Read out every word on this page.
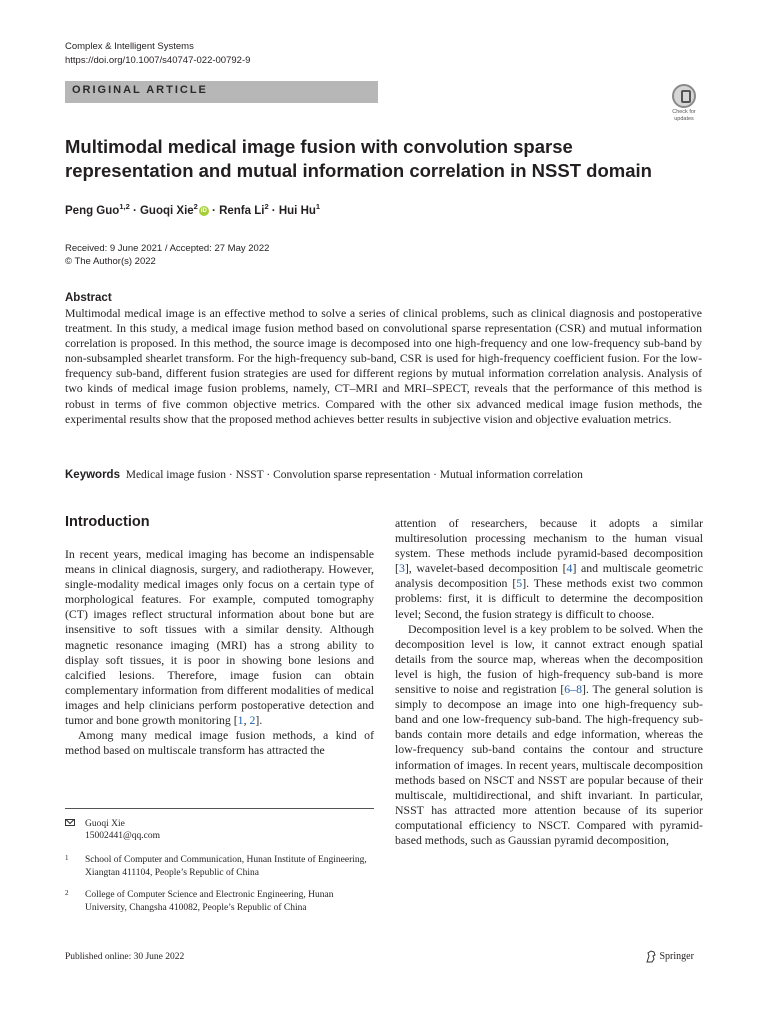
Complex & Intelligent Systems
https://doi.org/10.1007/s40747-022-00792-9
ORIGINAL ARTICLE
Check for
updates
Multimodal medical image fusion with convolution sparse representation and mutual information correlation in NSST domain
Peng Guo$^{1,2}$ · Guoqi Xie$^2$ iD · Renfa $Li^2$ · Hui Hu$^1$
Received: 9 June 2021 / Accepted: 27 May 2022
© The Author(s) 2022
Abstract
Multimodal medical image is an effective method to solve a series of clinical problems, such as clinical diagnosis and postoperative treatment. In this study, a medical image fusion method based on convolutional sparse representation (CSR) and mutual information correlation is proposed. In this method, the source image is decomposed into one high-frequency and one low-frequency sub-band by non-subsampled shearlet transform. For the high-frequency sub-band, CSR is used for high-frequency coefficient fusion. For the low-frequency sub-band, different fusion strategies are used for different regions by mutual information correlation analysis. Analysis of two kinds of medical image fusion problems, namely, CT–MRI and MRI–SPECT, reveals that the performance of this method is robust in terms of five common objective metrics. Compared with the other six advanced medical image fusion methods, the experimental results show that the proposed method achieves better results in subjective vision and objective evaluation metrics.
Keywords Medical image fusion · NSST · Convolution sparse representation · Mutual information correlation
Introduction

In recent years, medical imaging has become an indispensable means in clinical diagnosis, surgery, and radiotherapy. However, single-modality medical images only focus on a certain type of morphological features. For example, computed tomography (CT) images reflect structural information about bone but are insensitive to soft tissues with a similar density. Although magnetic resonance imaging (MRI) has a strong ability to display soft tissues, it is poor in showing bone lesions and calcified lesions. Therefore, image fusion can obtain complementary information from different modalities of medical images and help clinicians perform postoperative detection and tumor and bone growth monitoring [1, 2].

Among many medical image fusion methods, a kind of method based on multiscale transform has attracted the

attention of researchers, because it adopts a similar multiresolution processing mechanism to the human visual system. These methods include pyramid-based decomposition [3], wavelet-based decomposition [4] and multiscale geometric analysis decomposition [5]. These methods exist two common problems: first, it is difficult to determine the decomposition level; Second, the fusion strategy is difficult to choose.

Decomposition level is a key problem to be solved. When the decomposition level is low, it cannot extract enough spatial details from the source map, whereas when the decomposition level is high, the fusion of high-frequency sub-band is more sensitive to noise and registration [6–8]. The general solution is simply to decompose an image into one high-frequency sub-band and one low-frequency sub-band. The high-frequency sub-bands contain more details and edge information, whereas the low-frequency sub-band contains the contour and structure information of images. In recent years, multiscale decomposition methods based on NSCT and NSST are popular because of their multiscale, multidirectional, and shift invariant. In particular, NSST has attracted more attention because of its superior computational efficiency to NSCT. Compared with pyramid-based methods, such as Gaussian pyramid decomposition,

Guoqi Xie
15002441@qq.com
1 School of Computer and Communication, Hunan Institute of Engineering, Xiangtan 411104, People’s Republic of China
2 College of Computer Science and Electronic Engineering, Hunan University, Changsha 410082, People’s Republic of China
Published online: 30 June 2022	Springer
